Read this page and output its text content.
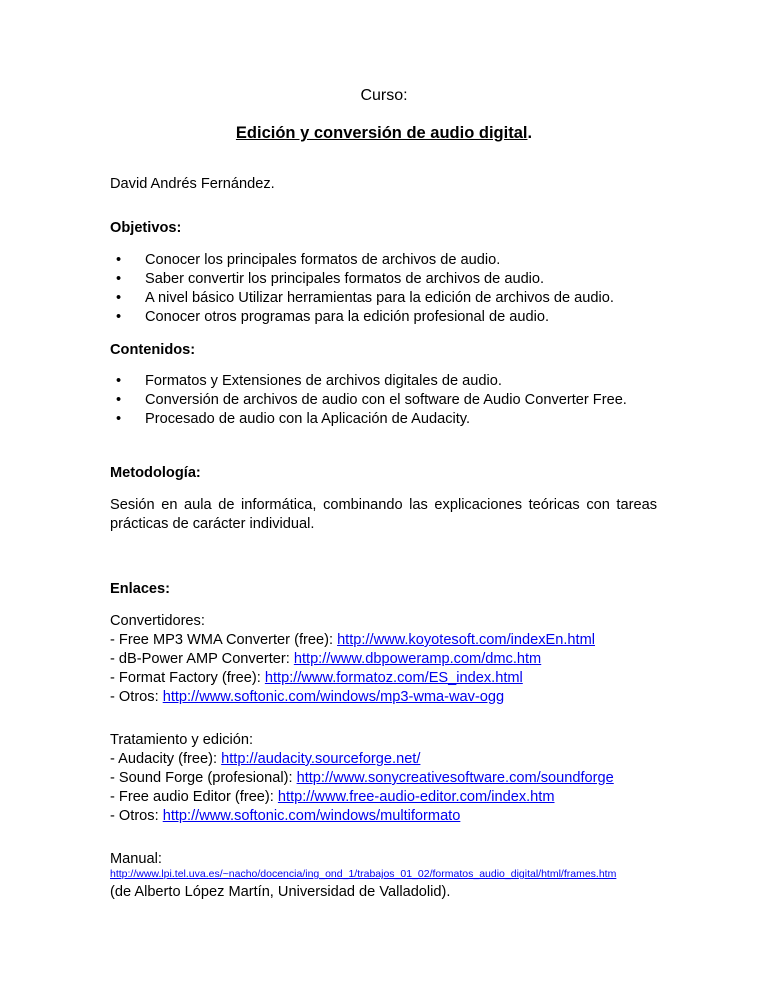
Curso:
Edición y conversión de audio digital.
David Andrés Fernández.
Objetivos:
• Conocer los principales formatos de archivos de audio.
• Saber convertir los principales formatos de archivos de audio.
• A nivel básico Utilizar herramientas para la edición de archivos de audio.
• Conocer otros programas para la edición profesional de audio.
Contenidos:
• Formatos y Extensiones de archivos digitales de audio.
• Conversión de archivos de audio con el software de Audio Converter Free.
• Procesado de audio con la Aplicación de Audacity.
Metodología:
Sesión en aula de informática, combinando las explicaciones teóricas con tareas prácticas de carácter individual.
Enlaces:
Convertidores:
- Free MP3 WMA Converter (free): http://www.koyotesoft.com/indexEn.html
- dB-Power AMP Converter: http://www.dbpoweramp.com/dmc.htm
- Format Factory (free): http://www.formatoz.com/ES_index.html
- Otros: http://www.softonic.com/windows/mp3-wma-wav-ogg
Tratamiento y edición:
- Audacity (free): http://audacity.sourceforge.net/
- Sound Forge (profesional): http://www.sonycreativesoftware.com/soundforge
- Free audio Editor (free): http://www.free-audio-editor.com/index.htm
- Otros: http://www.softonic.com/windows/multiformato
Manual:
http://www.lpi.tel.uva.es/~nacho/docencia/ing_ond_1/trabajos_01_02/formatos_audio_digital/html/frames.htm
(de Alberto López Martín, Universidad de Valladolid).
